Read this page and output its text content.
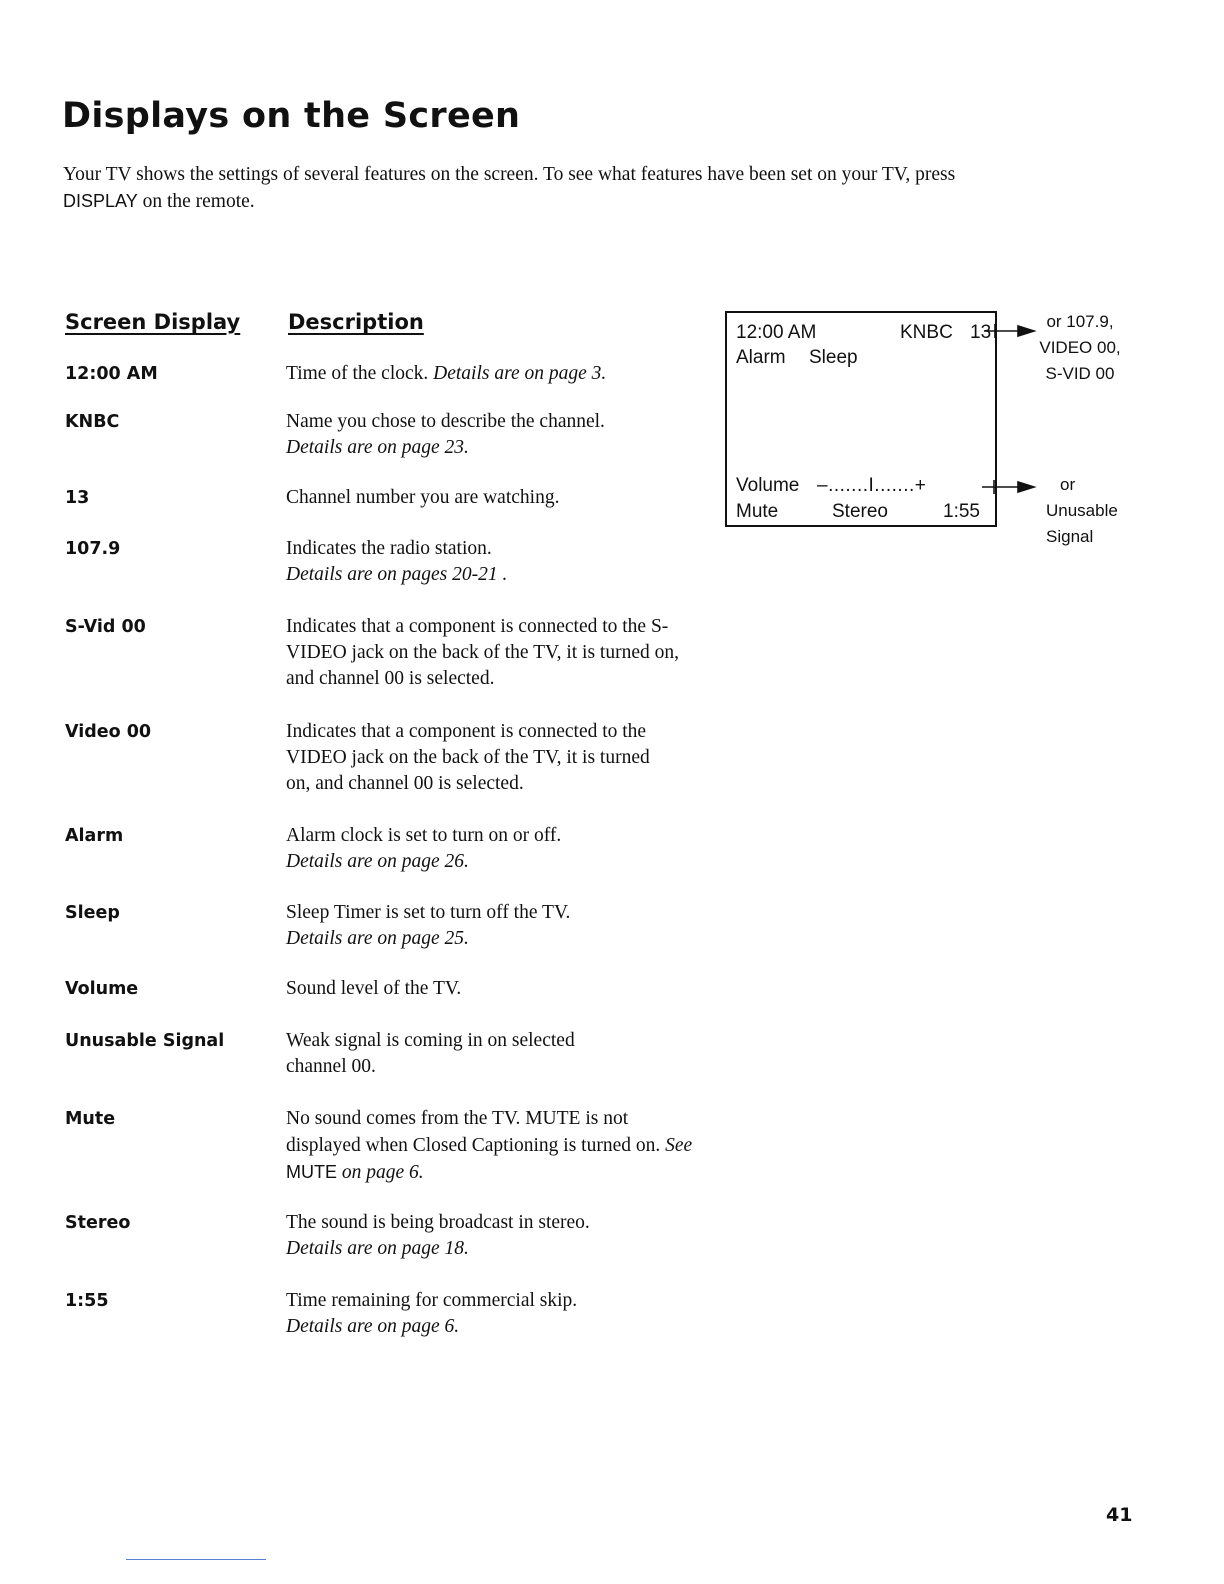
Displays on the Screen
Your TV shows the settings of several features on the screen. To see what features have been set on your TV, press
DISPLAY on the remote.
Screen Display Description
12:00 AM	Time of the clock. Details are on page 3.
KNBC	Name you chose to describe the channel.
Details are on page 23.
13	Channel number you are watching.
107.9	Indicates the radio station.
Details are on pages 20-21 .
S-Vid 00	Indicates that a component is connected to the S-VIDEO jack on the back of the TV, it is turned on, and channel 00 is selected.
Video 00	Indicates that a component is connected to the VIDEO jack on the back of the TV, it is turned on, and channel 00 is selected.
Alarm	Alarm clock is set to turn on or off.
Details are on page 26.
Sleep	Sleep Timer is set to turn off the TV.
Details are on page 25.
Volume	Sound level of the TV.
Unusable Signal	Weak signal is coming in on selected channel 00.
Mute	No sound comes from the TV. MUTE is not displayed when Closed Captioning is turned on. See MUTE on page 6.
Stereo	The sound is being broadcast in stereo.
Details are on page 18.
1:55	Time remaining for commercial skip.
Details are on page 6.
12:00 AM	KNBC 13
Alarm Sleep
Volume –.......I.......+
Mute	Stereo	1:55
or 107.9,
VIDEO 00,
S-VID 00
or
Unusable
Signal
41
